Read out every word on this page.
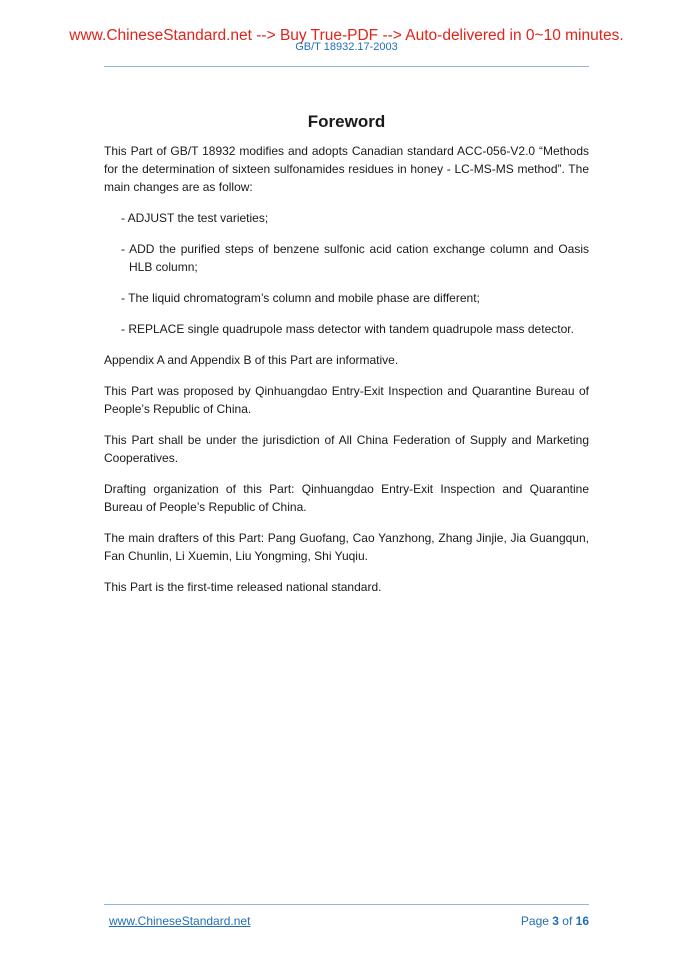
www.ChineseStandard.net --> Buy True-PDF --> Auto-delivered in 0~10 minutes.
GB/T 18932.17-2003
Foreword

This Part of GB/T 18932 modifies and adopts Canadian standard ACC-056-V2.0 “Methods for the determination of sixteen sulfonamides residues in honey - LC-MS-MS method”. The main changes are as follow:

- ADJUST the test varieties;
- ADD the purified steps of benzene sulfonic acid cation exchange column and Oasis HLB column;
- The liquid chromatogram’s column and mobile phase are different;
- REPLACE single quadrupole mass detector with tandem quadrupole mass detector.

Appendix A and Appendix B of this Part are informative.

This Part was proposed by Qinhuangdao Entry-Exit Inspection and Quarantine Bureau of People’s Republic of China.

This Part shall be under the jurisdiction of All China Federation of Supply and Marketing Cooperatives.

Drafting organization of this Part: Qinhuangdao Entry-Exit Inspection and Quarantine Bureau of People’s Republic of China.

The main drafters of this Part: Pang Guofang, Cao Yanzhong, Zhang Jinjie, Jia Guangqun, Fan Chunlin, Li Xuemin, Liu Yongming, Shi Yuqiu.

This Part is the first-time released national standard.

www.ChineseStandard.net	Page 3 of 16
